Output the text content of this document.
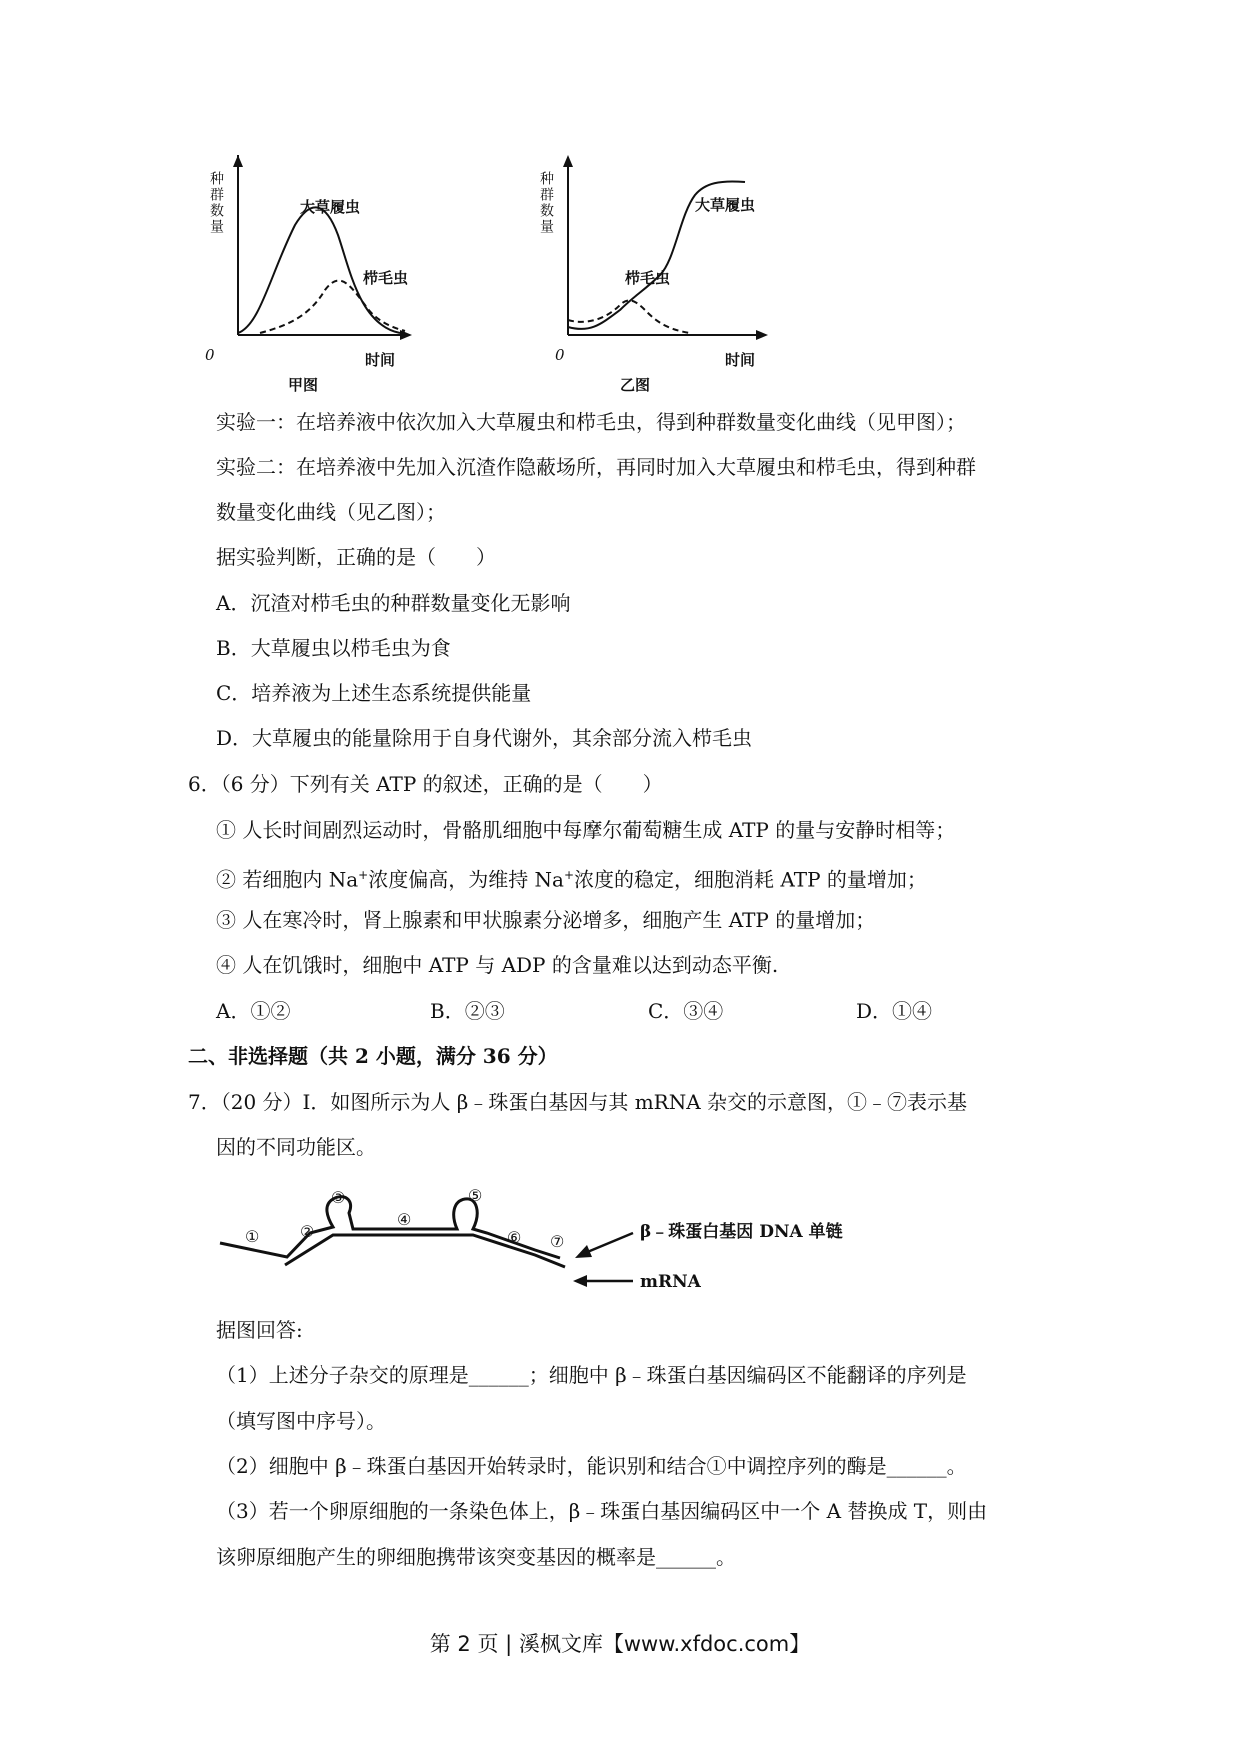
种群数量	大草履虫
栉毛虫
0	时间
甲图
种群数量	大草履虫
栉毛虫
0	时间
乙图
实验一：在培养液中依次加入大草履虫和栉毛虫，得到种群数量变化曲线（见甲图）；
实验二：在培养液中先加入沉渣作隐蔽场所，再同时加入大草履虫和栉毛虫，得到种群
数量变化曲线（见乙图）；
据实验判断，正确的是（　　）
A．沉渣对栉毛虫的种群数量变化无影响
B．大草履虫以栉毛虫为食
C．培养液为上述生态系统提供能量
D．大草履虫的能量除用于自身代谢外，其余部分流入栉毛虫
6．（6 分）下列有关 ATP 的叙述，正确的是（　　）
① 人长时间剧烈运动时，骨骼肌细胞中每摩尔葡萄糖生成 ATP 的量与安静时相等；
② 若细胞内 Na+浓度偏高，为维持 Na+浓度的稳定，细胞消耗 ATP 的量增加；
③ 人在寒冷时，肾上腺素和甲状腺素分泌增多，细胞产生 ATP 的量增加；
④ 人在饥饿时，细胞中 ATP 与 ADP 的含量难以达到动态平衡.
A．①②	B．②③	C．③④	D．①④
二、非选择题（共 2 小题，满分 36 分）
7．（20 分）Ⅰ．如图所示为人 β﹣珠蛋白基因与其 mRNA 杂交的示意图，①﹣⑦表示基
因的不同功能区。
①	②
③
④
⑤
⑥ ⑦	β﹣珠蛋白基因 DNA 单链
mRNA
据图回答:
（1）上述分子杂交的原理是______；细胞中 β﹣珠蛋白基因编码区不能翻译的序列是
（填写图中序号）。
（2）细胞中 β﹣珠蛋白基因开始转录时，能识别和结合①中调控序列的酶是______。
（3）若一个卵原细胞的一条染色体上，β﹣珠蛋白基因编码区中一个 A 替换成 T，则由
该卵原细胞产生的卵细胞携带该突变基因的概率是______。
第 2 页 | 溪枫文库【www.xfdoc.com】
